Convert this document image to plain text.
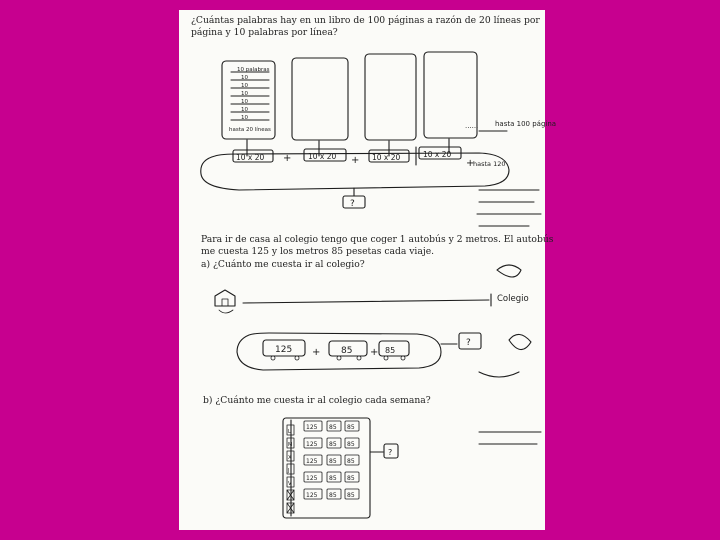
¿Cuántas palabras hay en un libro de 100 páginas a razón de 20 líneas por
página y 10 palabras por línea?
10 palabras
10
10
10
10
10
10
hasta 20 líneas	...... hasta 100 página
10 x 20 + 10 x 20 + 10 x 20	10 x 20
+
hasta 120
?
Colegio
125 + 85 + 85
?
L
M
X
J
V
125 85 85
125 85 85
125 85 85
125 85 85
125 85 85
?
Para ir de casa al colegio tengo que coger 1 autobús y 2 metros. El autobús
me cuesta 125 y los metros 85 pesetas cada viaje.
a) ¿Cuánto me cuesta ir al colegio?
b) ¿Cuánto me cuesta ir al colegio cada semana?
